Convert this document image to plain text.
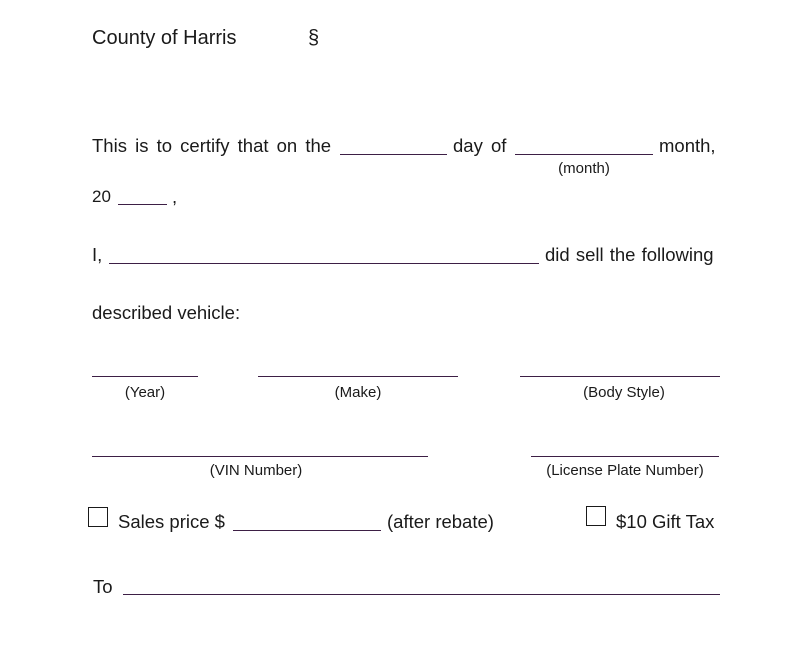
County of Harris	§
This is to certify that on the	day of	month,
(month)
20	,
I,	did sell the following
described vehicle:
(Year)	(Make)	(Body Style)
(VIN Number)	(License Plate Number)
Sales price $	(after rebate)	$10 Gift Tax
To
